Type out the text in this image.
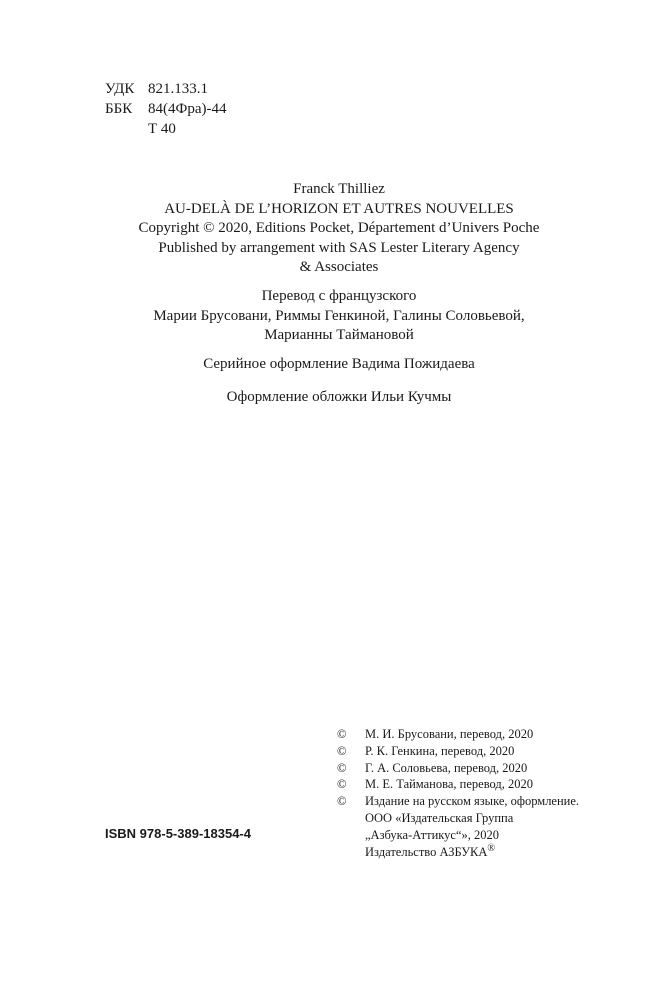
УДК 821.133.1
ББК	84(4Фра)-44
Т 40
Franck Thilliez
AU-DELÀ DE L’HORIZON ET AUTRES NOUVELLES
Copyright © 2020, Editions Pocket, Département d’Univers Poche
Published by arrangement with SAS Lester Literary Agency
& Associates
Перевод с французского
Марии Брусовани, Риммы Генкиной, Галины Соловьевой,
Марианны Таймановой
Серийное оформление Вадима Пожидаева
Оформление обложки Ильи Кучмы
ISBN 978-5-389-18354-4
©	М. И. Брусовани, перевод, 2020
©	Р. К. Генкина, перевод, 2020
©	Г. А. Соловьева, перевод, 2020
©	М. Е. Тайманова, перевод, 2020
©	Издание на русском языке, оформление.
ООО «Издательская Группа
„Азбука-Аттикус“», 2020
Издательство АЗБУКА®
